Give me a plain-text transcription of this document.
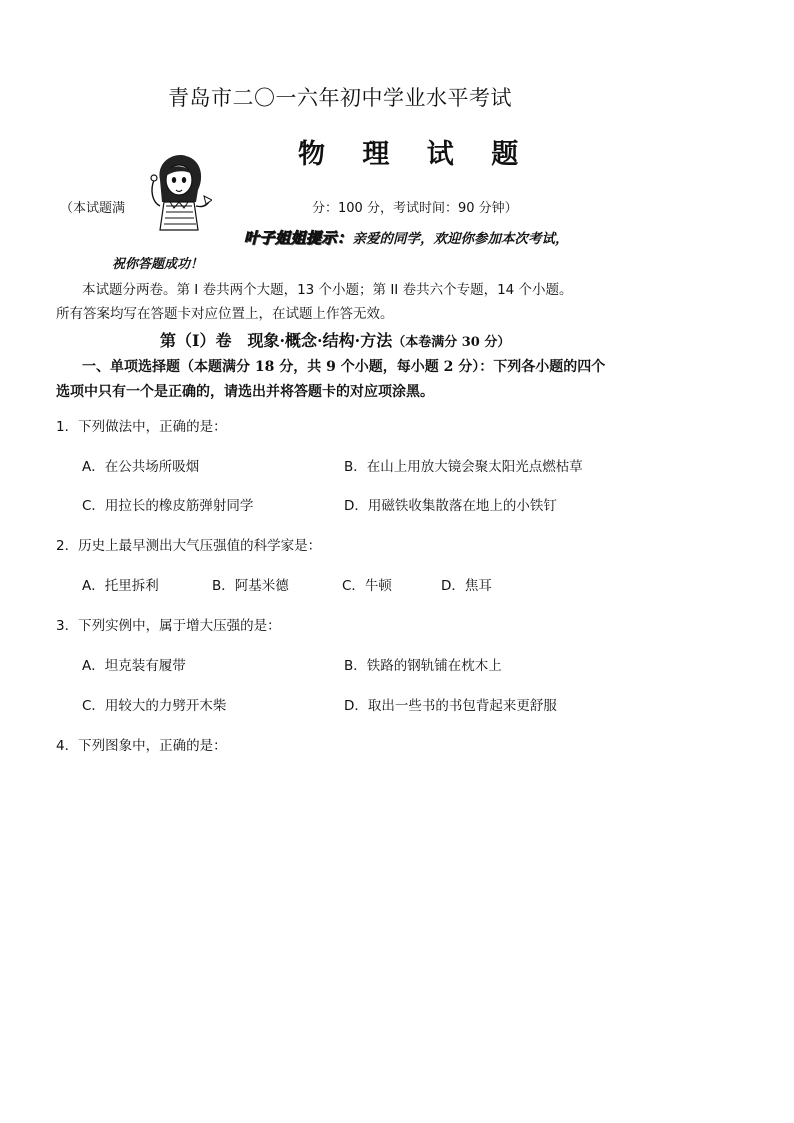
青岛市二〇一六年初中学业水平考试
物 理 试 题
（本试题满	分：100 分，考试时间：90 分钟）
叶子姐姐提示：亲爱的同学，欢迎你参加本次考试，
祝你答题成功！
本试题分两卷。第 I 卷共两个大题，13 个小题；第 II 卷共六个专题，14 个小题。
所有答案均写在答题卡对应位置上，在试题上作答无效。
第（I）卷　现象·概念·结构·方法（本卷满分 30 分）
一、单项选择题（本题满分 18 分，共 9 个小题，每小题 2 分）：下列各小题的四个
选项中只有一个是正确的，请选出并将答题卡的对应项涂黑。
1．下列做法中，正确的是：
A．在公共场所吸烟	B．在山上用放大镜会聚太阳光点燃枯草
C．用拉长的橡皮筋弹射同学	D．用磁铁收集散落在地上的小铁钉
2．历史上最早测出大气压强值的科学家是：
A．托里拆利	B．阿基米德	C．牛顿	D．焦耳
3．下列实例中，属于增大压强的是：
A．坦克装有履带	B．铁路的钢轨铺在枕木上
C．用较大的力劈开木柴	D．取出一些书的书包背起来更舒服
4．下列图象中，正确的是：
